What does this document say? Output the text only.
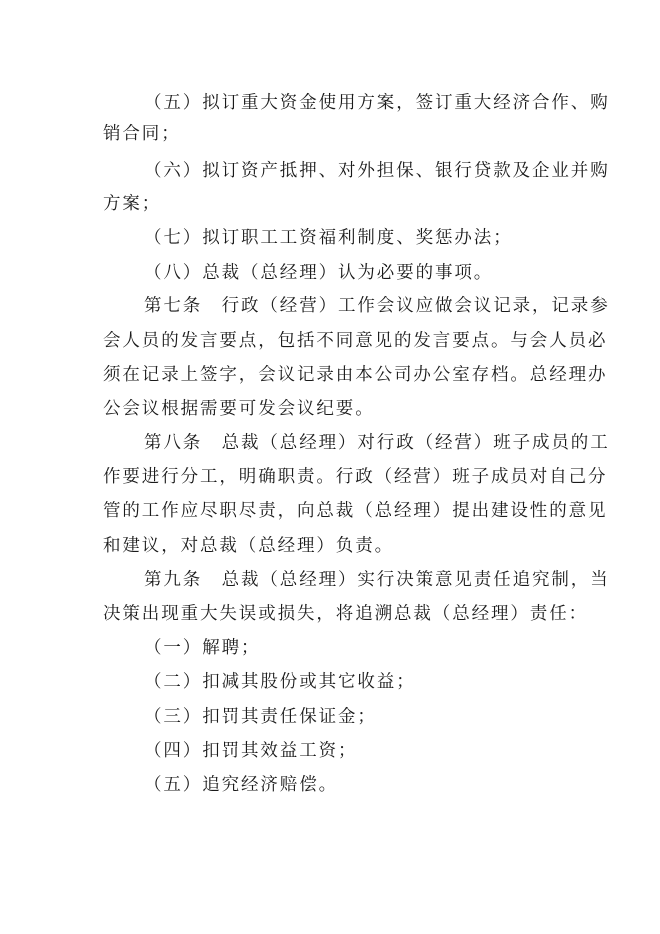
（五）拟订重大资金使用方案，签订重大经济合作、购
销合同；
（六）拟订资产抵押、对外担保、银行贷款及企业并购
方案；
（七）拟订职工工资福利制度、奖惩办法；
（八）总裁（总经理）认为必要的事项。
第七条　行政（经营）工作会议应做会议记录，记录参
会人员的发言要点，包括不同意见的发言要点。与会人员必
须在记录上签字，会议记录由本公司办公室存档。总经理办
公会议根据需要可发会议纪要。
第八条　总裁（总经理）对行政（经营）班子成员的工
作要进行分工，明确职责。行政（经营）班子成员对自己分
管的工作应尽职尽责，向总裁（总经理）提出建设性的意见
和建议，对总裁（总经理）负责。
第九条　总裁（总经理）实行决策意见责任追究制，当
决策出现重大失误或损失，将追溯总裁（总经理）责任：
（一）解聘；
（二）扣减其股份或其它收益；
（三）扣罚其责任保证金；
（四）扣罚其效益工资；
（五）追究经济赔偿。
